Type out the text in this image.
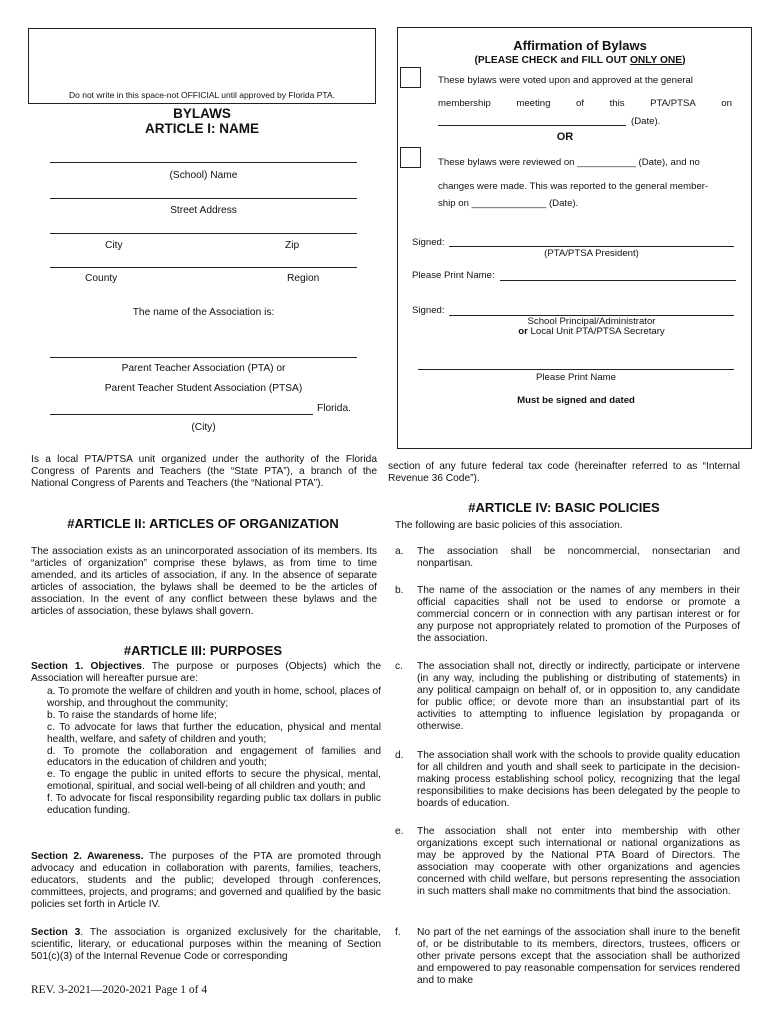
Do not write in this space-not OFFICIAL until approved by Florida PTA.
BYLAWS
ARTICLE I: NAME
(School) Name
Street Address
City	Zip
County	Region
The name of the Association is:
Parent Teacher Association (PTA) or
Parent Teacher Student Association (PTSA)
Florida.
(City)
Is a local PTA/PTSA unit organized under the authority of the Florida Congress of Parents and Teachers (the “State PTA”), a branch of the National Congress of Parents and Teachers (the “National PTA”).
#ARTICLE II: ARTICLES OF ORGANIZATION
The association exists as an unincorporated association of its members. Its “articles of organization” comprise these bylaws, as from time to time amended, and its articles of association, if any. In the absence of separate articles of association, the bylaws shall be deemed to be the articles of association. In the event of any conflict between these bylaws and the articles of association, these bylaws shall govern.
#ARTICLE III: PURPOSES
Section 1. Objectives. The purpose or purposes (Objects) which the Association will hereafter pursue are:
a. To promote the welfare of children and youth in home, school, places of worship, and throughout the community;
b. To raise the standards of home life;
c. To advocate for laws that further the education, physical and mental health, welfare, and safety of children and youth;
d. To promote the collaboration and engagement of families and educators in the education of children and youth;
e. To engage the public in united efforts to secure the physical, mental, emotional, spiritual, and social well-being of all children and youth; and
f. To advocate for fiscal responsibility regarding public tax dollars in public education funding.
Section 2. Awareness. The purposes of the PTA are promoted through advocacy and education in collaboration with parents, families, teachers, educators, students and the public; developed through conferences, committees, projects, and programs; and governed and qualified by the basic policies set forth in Article IV.
Section 3. The association is organized exclusively for the charitable, scientific, literary, or educational purposes within the meaning of Section 501(c)(3) of the Internal Revenue Code or corresponding
REV. 3-2021—2020-2021 Page 1 of 4
Affirmation of Bylaws
(PLEASE CHECK and FILL OUT ONLY ONE)
These bylaws were voted upon and approved at the general
membership	meeting	of	this	PTA/PTSA	on
(Date).
OR
These bylaws were reviewed on ___________ (Date), and no
changes were made. This was reported to the general member-
ship on ______________ (Date).
Signed:
(PTA/PTSA President)
Please Print Name:
Signed:
School Principal/Administrator
or Local Unit PTA/PTSA Secretary
Please Print Name
Must be signed and dated
section of any future federal tax code (hereinafter referred to as “Internal Revenue 36 Code”).
#ARTICLE IV: BASIC POLICIES
The following are basic policies of this association.
a. The association shall be noncommercial, nonsectarian and nonpartisan.
b. The name of the association or the names of any members in their official capacities shall not be used to endorse or promote a commercial concern or in connection with any partisan interest or for any purpose not appropriately related to promotion of the Purposes of the association.
c. The association shall not, directly or indirectly, participate or intervene (in any way, including the publishing or distributing of statements) in any political campaign on behalf of, or in opposition to, any candidate for public office; or devote more than an insubstantial part of its activities to attempting to influence legislation by propaganda or otherwise.
d. The association shall work with the schools to provide quality education for all children and youth and shall seek to participate in the decision-making process establishing school policy, recognizing that the legal responsibilities to make decisions has been delegated by the people to boards of education.
e. The association shall not enter into membership with other organizations except such international or national organizations as may be approved by the National PTA Board of Directors. The association may cooperate with other organizations and agencies concerned with child welfare, but persons representing the association in such matters shall make no commitments that bind the association.
f. No part of the net earnings of the association shall inure to the benefit of, or be distributable to its members, directors, trustees, officers or other private persons except that the association shall be authorized and empowered to pay reasonable compensation for services rendered and to make
